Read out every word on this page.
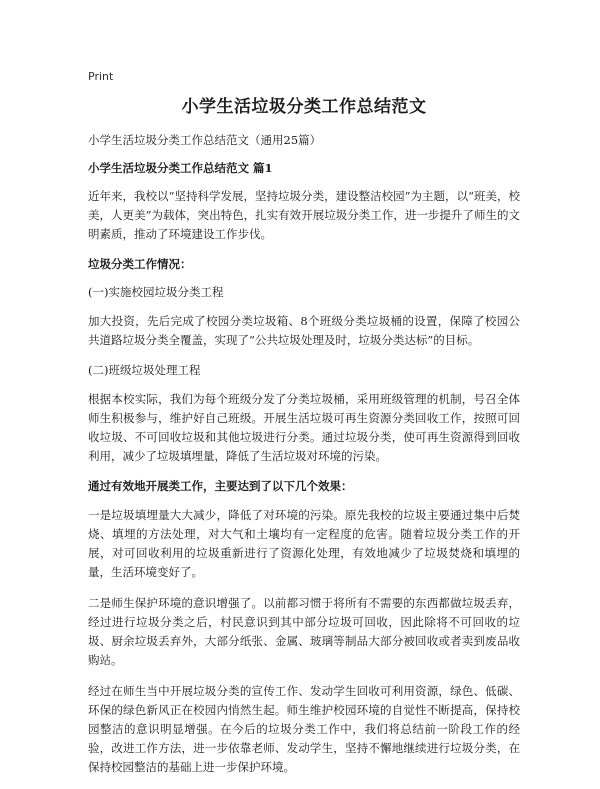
Print
小学生活垃圾分类工作总结范文
小学生活垃圾分类工作总结范文（通用25篇）
小学生活垃圾分类工作总结范文 篇1
近年来，我校以“坚持科学发展，坚持垃圾分类，建设整洁校园”为主题，以“班美，校美，人更美”为载体，突出特色，扎实有效开展垃圾分类工作，进一步提升了师生的文明素质，推动了环境建设工作步伐。
垃圾分类工作情况：
(一)实施校园垃圾分类工程
加大投资，先后完成了校园分类垃圾箱、8个班级分类垃圾桶的设置，保障了校园公共道路垃圾分类全覆盖，实现了“公共垃圾处理及时，垃圾分类达标”的目标。
(二)班级垃圾处理工程
根据本校实际，我们为每个班级分发了分类垃圾桶，采用班级管理的机制，号召全体师生积极参与，维护好自己班级。开展生活垃圾可再生资源分类回收工作，按照可回收垃圾、不可回收垃圾和其他垃圾进行分类。通过垃圾分类，使可再生资源得到回收利用，减少了垃圾填埋量，降低了生活垃圾对环境的污染。
通过有效地开展类工作，主要达到了以下几个效果：
一是垃圾填埋量大大减少，降低了对环境的污染。原先我校的垃圾主要通过集中后焚烧、填埋的方法处理，对大气和土壤均有一定程度的危害。随着垃圾分类工作的开展，对可回收利用的垃圾重新进行了资源化处理，有效地减少了垃圾焚烧和填埋的量，生活环境变好了。
二是师生保护环境的意识增强了。以前都习惯于将所有不需要的东西都做垃圾丢弃，经过进行垃圾分类之后，村民意识到其中部分垃圾可回收，因此除将不可回收的垃圾、厨余垃圾丢弃外，大部分纸张、金属、玻璃等制品大部分被回收或者卖到废品收购站。
经过在师生当中开展垃圾分类的宣传工作、发动学生回收可利用资源，绿色、低碳、环保的绿色新风正在校园内悄然生起。师生维护校园环境的自觉性不断提高，保持校园整洁的意识明显增强。在今后的垃圾分类工作中，我们将总结前一阶段工作的经验，改进工作方法，进一步依靠老师、发动学生，坚持不懈地继续进行垃圾分类，在保持校园整洁的基础上进一步保护环境。
